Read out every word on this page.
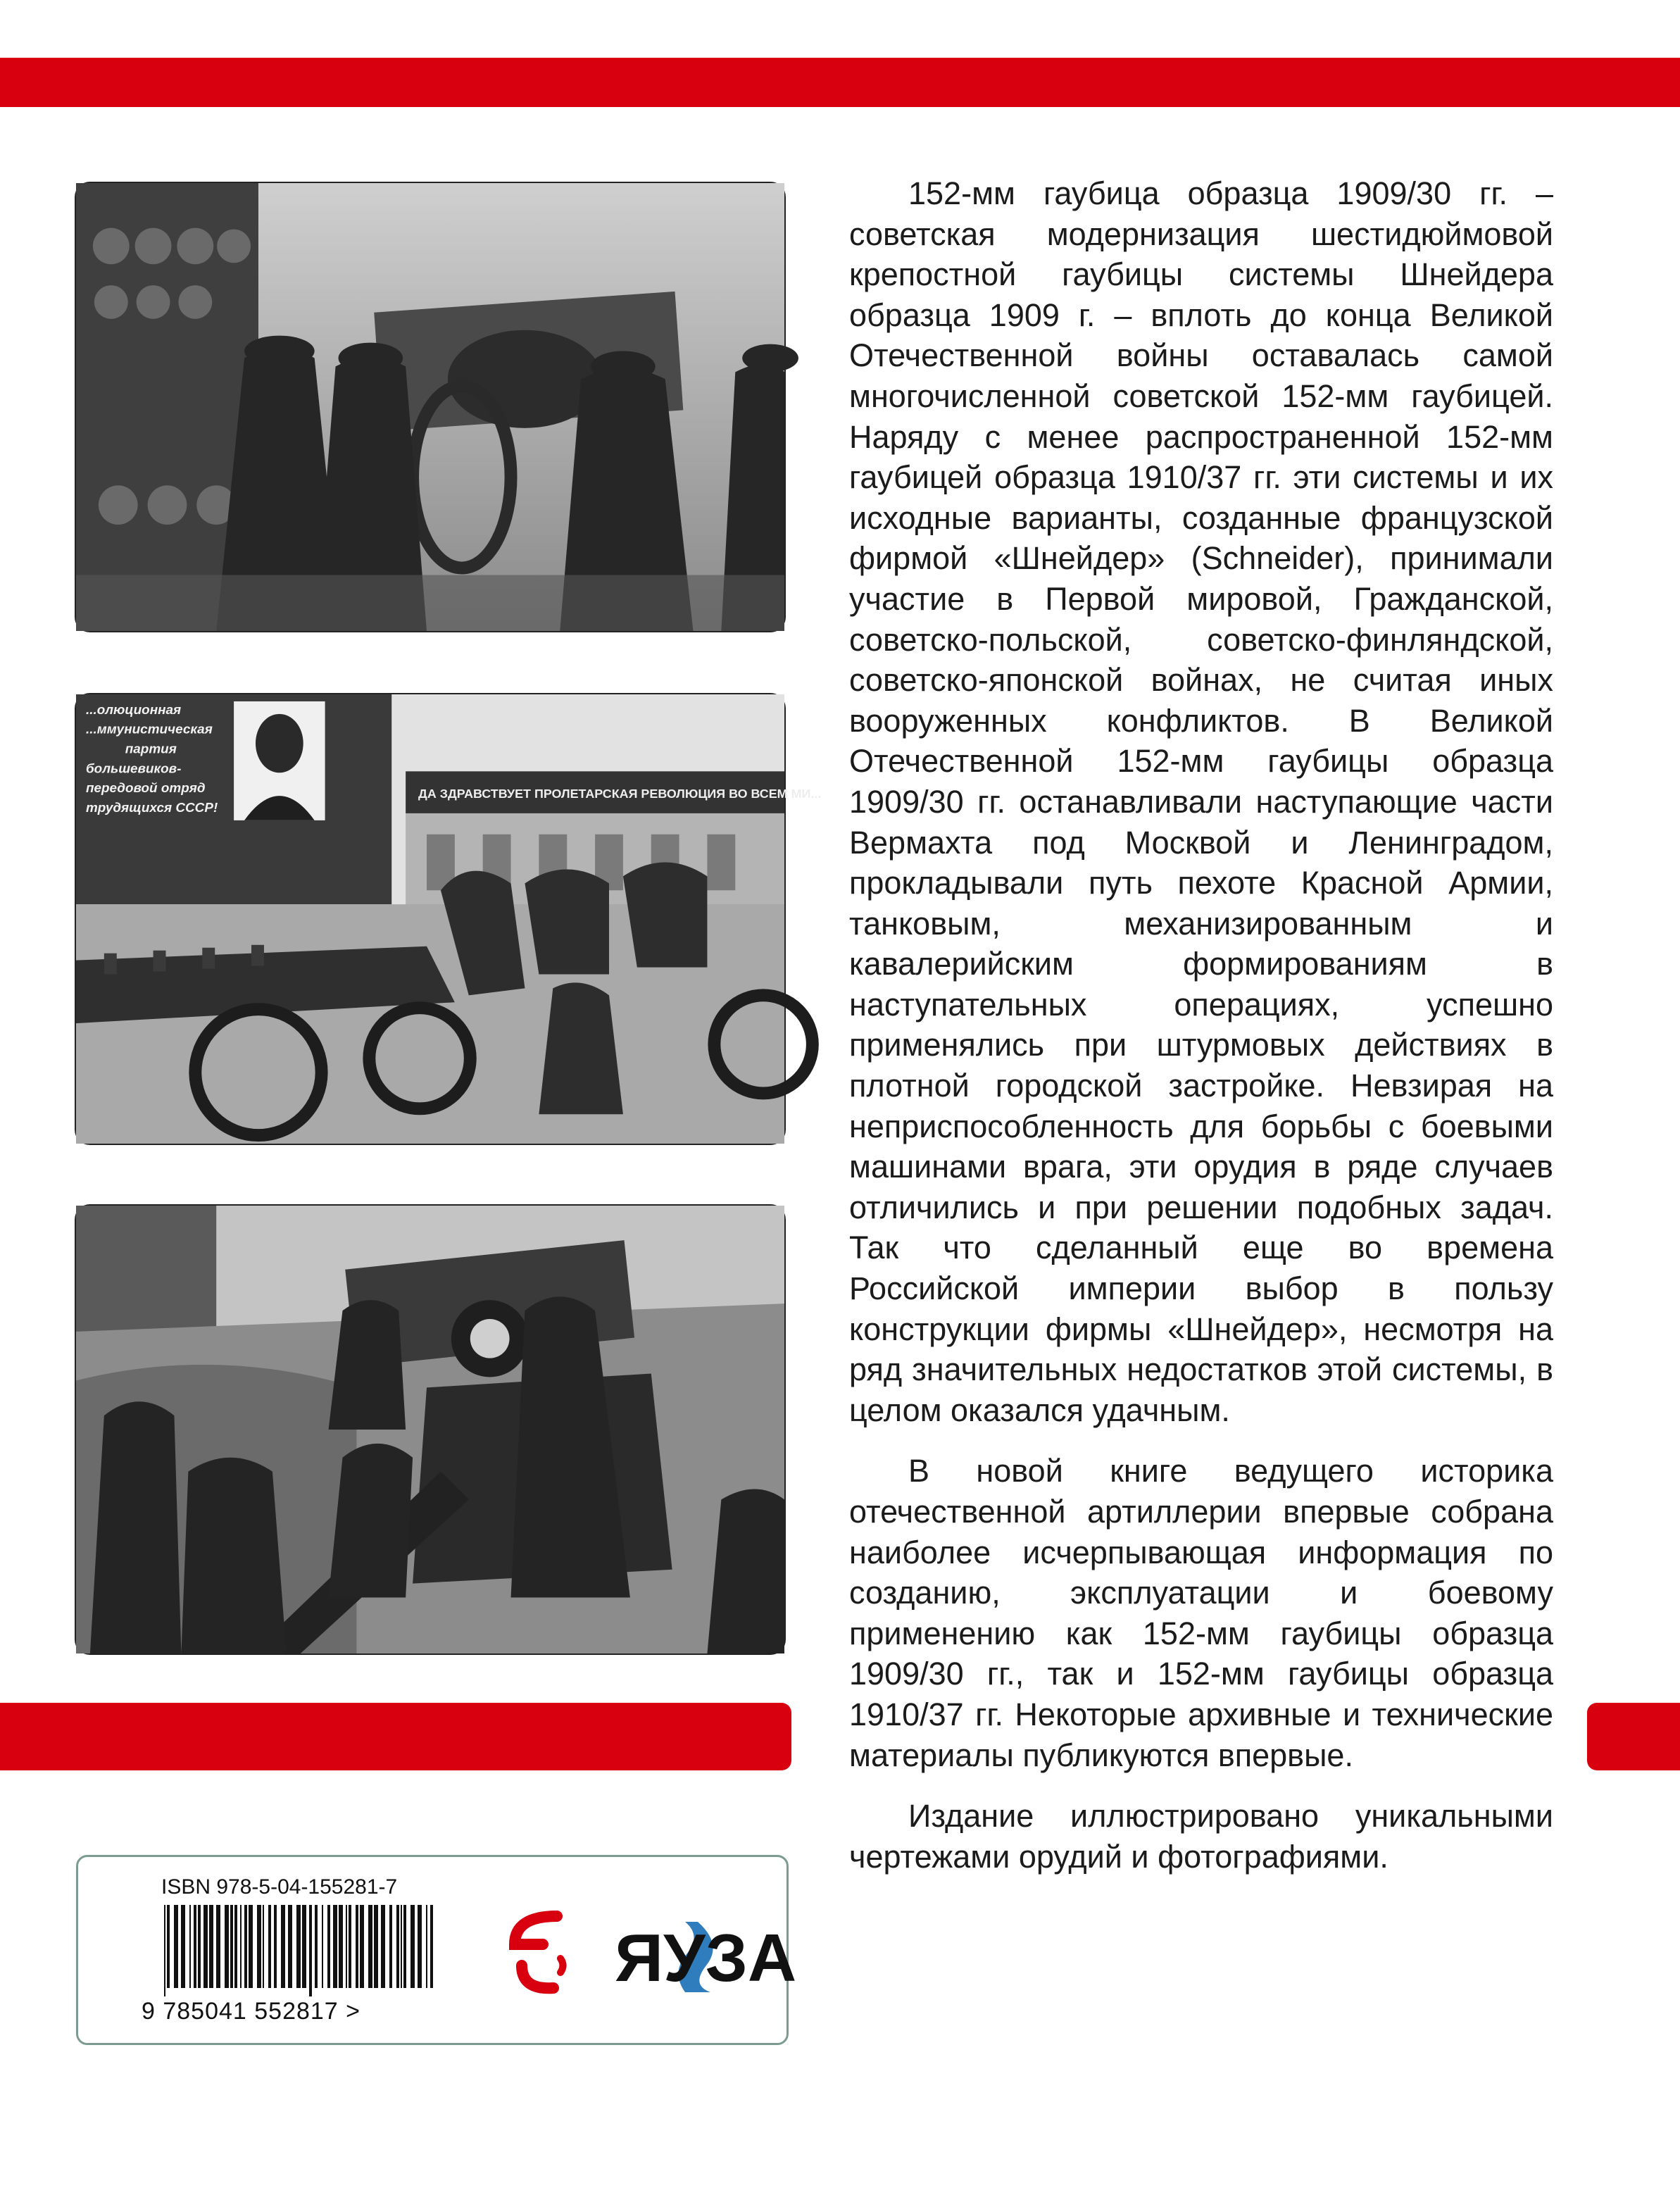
...олюционная
...ммунистическая
партия
большевиков-
передовой отряд
трудящихся СССР!
ДА ЗДРАВСТВУЕТ ПРОЛЕТАРСКАЯ РЕВОЛЮЦИЯ ВО ВСЕМ МИ...

152-мм гаубица образца 1909/30 гг. – советская модернизация шестидюймовой крепостной гаубицы системы Шнейдера образца 1909 г. – вплоть до конца Великой Отечественной войны оставалась самой многочисленной советской 152-мм гаубицей. Наряду с менее распространенной 152-мм гаубицей образца 1910/37 гг. эти системы и их исходные варианты, созданные французской фирмой «Шнейдер» (Schneider), принимали участие в Первой мировой, Гражданской, советско-польской, советско-финляндской, советско-японской войнах, не считая иных вооруженных конфликтов. В Великой Отечественной 152-мм гаубицы образца 1909/30 гг. останавливали наступающие части Вермахта под Москвой и Ленинградом, прокладывали путь пехоте Красной Армии, танковым, механизированным и кавалерийским формированиям в наступательных операциях, успешно применялись при штурмовых действиях в плотной городской застройке. Невзирая на неприспособленность для борьбы с боевыми машинами врага, эти орудия в ряде случаев отличились и при решении подобных задач. Так что сделанный еще во времена Российской империи выбор в пользу конструкции фирмы «Шнейдер», несмотря на ряд значительных недостатков этой системы, в целом оказался удачным.

В новой книге ведущего историка отечественной артиллерии впервые собрана наиболее исчерпывающая информация по созданию, эксплуатации и боевому применению как 152-мм гаубицы образца 1909/30 гг., так и 152-мм гаубицы образца 1910/37 гг. Некоторые архивные и технические материалы публикуются впервые.

Издание иллюстрировано уникальными чертежами орудий и фотографиями.

ISBN 978-5-04-155281-7
9 785041 552817 >
ЯУЗА
